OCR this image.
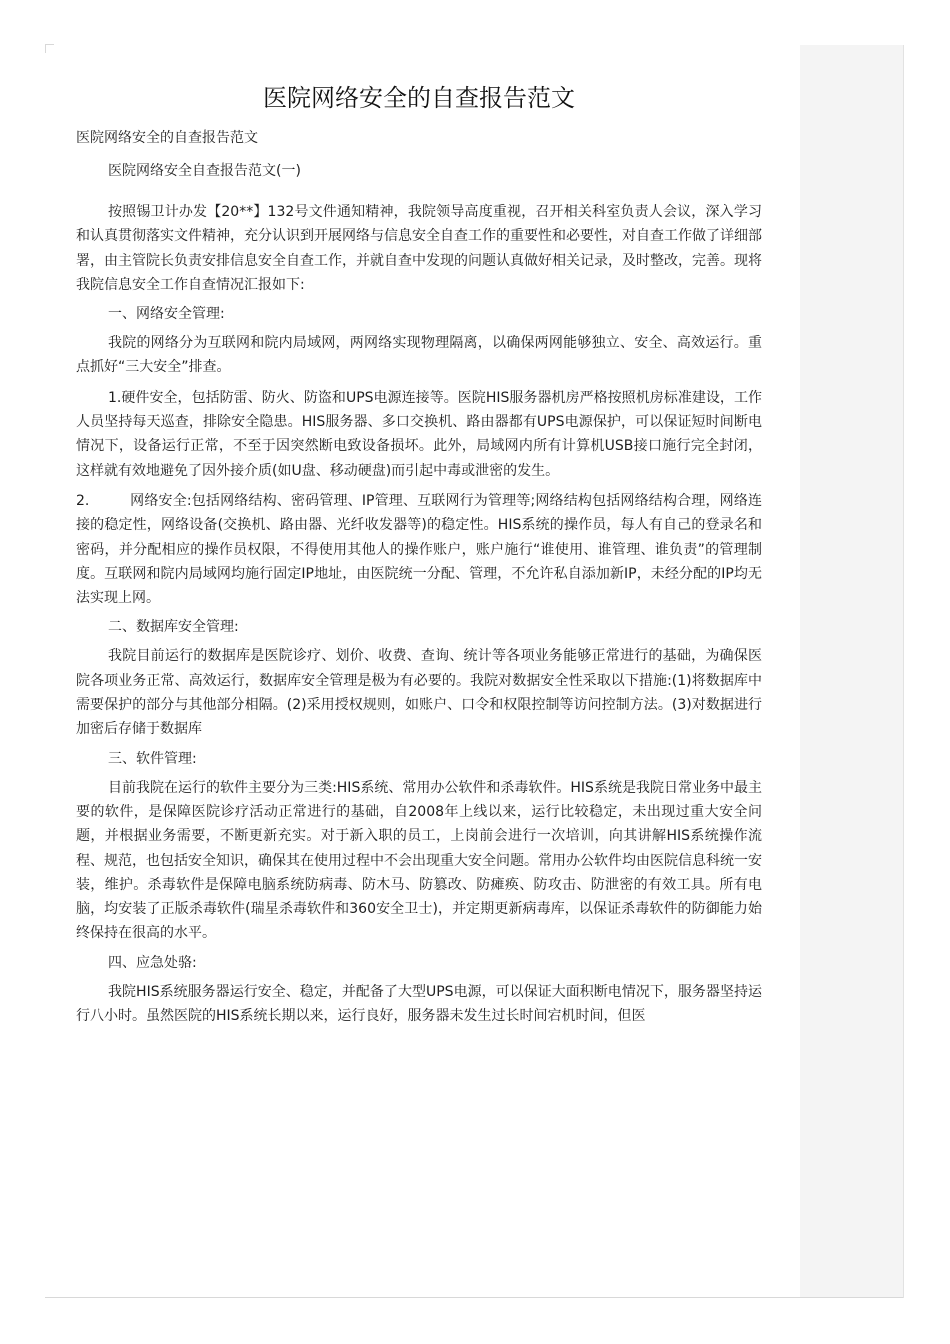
医院网络安全的自查报告范文
医院网络安全的自查报告范文
医院网络安全自查报告范文(一)

按照锡卫计办发【20**】132号文件通知精神，我院领导高度重视，召开相关科室负责人会议，深入学习和认真贯彻落实文件精神，充分认识到开展网络与信息安全自查工作的重要性和必要性，对自查工作做了详细部署，由主管院长负责安排信息安全自查工作，并就自查中发现的问题认真做好相关记录，及时整改，完善。现将我院信息安全工作自查情况汇报如下:

一、网络安全管理:

我院的网络分为互联网和院内局域网，两网络实现物理隔离，以确保两网能够独立、安全、高效运行。重点抓好“三大安全”排查。

1.硬件安全，包括防雷、防火、防盗和UPS电源连接等。医院HIS服务器机房严格按照机房标准建设，工作人员坚持每天巡查，排除安全隐患。HIS服务器、多口交换机、路由器都有UPS电源保护，可以保证短时间断电情况下，设备运行正常，不至于因突然断电致设备损坏。此外，局域网内所有计算机USB接口施行完全封闭，这样就有效地避免了因外接介质(如U盘、移动硬盘)而引起中毒或泄密的发生。

2.	网络安全:包括网络结构、密码管理、IP管理、互联网行为管理等;网络结构包括网络结构合理，网络连接的稳定性，网络设备(交换机、路由器、光纤收发器等)的稳定性。HIS系统的操作员，每人有自己的登录名和密码，并分配相应的操作员权限，不得使用其他人的操作账户，账户施行“谁使用、谁管理、谁负责”的管理制度。互联网和院内局域网均施行固定IP地址，由医院统一分配、管理，不允许私自添加新IP，未经分配的IP均无法实现上网。

二、数据库安全管理:

我院目前运行的数据库是医院诊疗、划价、收费、查询、统计等各项业务能够正常进行的基础，为确保医院各项业务正常、高效运行，数据库安全管理是极为有必要的。我院对数据安全性采取以下措施:(1)将数据库中需要保护的部分与其他部分相隔。(2)采用授权规则，如账户、口令和权限控制等访问控制方法。(3)对数据进行加密后存储于数据库

三、软件管理:

目前我院在运行的软件主要分为三类:HIS系统、常用办公软件和杀毒软件。HIS系统是我院日常业务中最主要的软件，是保障医院诊疗活动正常进行的基础，自2008年上线以来，运行比较稳定，未出现过重大安全问题，并根据业务需要，不断更新充实。对于新入职的员工，上岗前会进行一次培训，向其讲解HIS系统操作流程、规范，也包括安全知识，确保其在使用过程中不会出现重大安全问题。常用办公软件均由医院信息科统一安装，维护。杀毒软件是保障电脑系统防病毒、防木马、防篡改、防瘫痪、防攻击、防泄密的有效工具。所有电脑，均安装了正版杀毒软件(瑞星杀毒软件和360安全卫士)，并定期更新病毒库，以保证杀毒软件的防御能力始终保持在很高的水平。

四、应急处骆:

我院HIS系统服务器运行安全、稳定，并配备了大型UPS电源，可以保证大面积断电情况下，服务器坚持运行八小时。虽然医院的HIS系统长期以来，运行良好，服务器未发生过长时间宕机时间，但医
